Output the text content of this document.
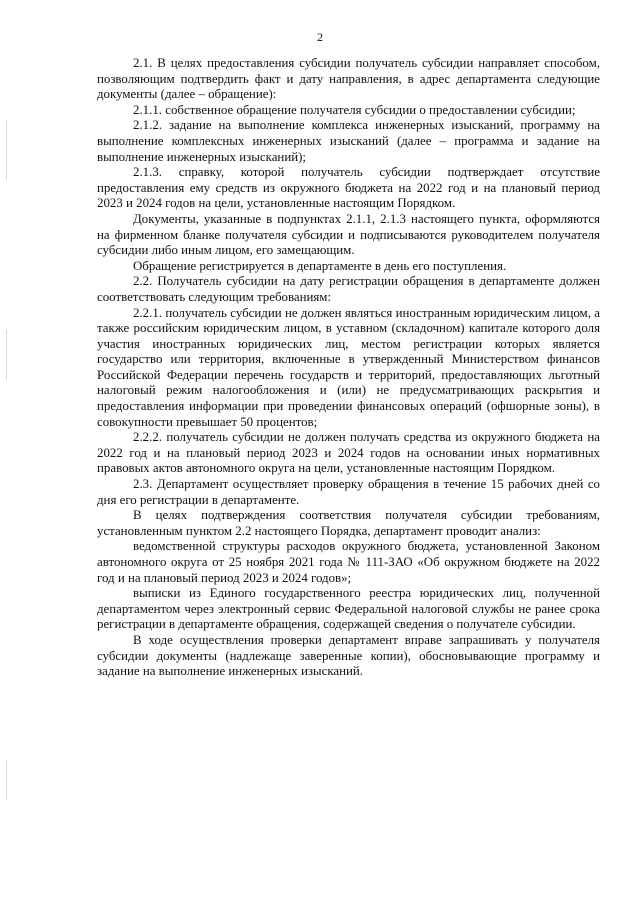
2

2.1. В целях предоставления субсидии получатель субсидии направляет способом, позволяющим подтвердить факт и дату направления, в адрес департамента следующие документы (далее – обращение):

2.1.1. собственное обращение получателя субсидии о предоставлении субсидии;

2.1.2. задание на выполнение комплекса инженерных изысканий, программу на выполнение комплексных инженерных изысканий (далее – программа и задание на выполнение инженерных изысканий);

2.1.3. справку, которой получатель субсидии подтверждает отсутствие предоставления ему средств из окружного бюджета на 2022 год и на плановый период 2023 и 2024 годов на цели, установленные настоящим Порядком.

Документы, указанные в подпунктах 2.1.1, 2.1.3 настоящего пункта, оформляются на фирменном бланке получателя субсидии и подписываются руководителем получателя субсидии либо иным лицом, его замещающим.

Обращение регистрируется в департаменте в день его поступления.

2.2. Получатель субсидии на дату регистрации обращения в департаменте должен соответствовать следующим требованиям:

2.2.1. получатель субсидии не должен являться иностранным юридическим лицом, а также российским юридическим лицом, в уставном (складочном) капитале которого доля участия иностранных юридических лиц, местом регистрации которых является государство или территория, включенные в утвержденный Министерством финансов Российской Федерации перечень государств и территорий, предоставляющих льготный налоговый режим налогообложения и (или) не предусматривающих раскрытия и предоставления информации при проведении финансовых операций (офшорные зоны), в совокупности превышает 50 процентов;

2.2.2. получатель субсидии не должен получать средства из окружного бюджета на 2022 год и на плановый период 2023 и 2024 годов на основании иных нормативных правовых актов автономного округа на цели, установленные настоящим Порядком.

2.3. Департамент осуществляет проверку обращения в течение 15 рабочих дней со дня его регистрации в департаменте.

В целях подтверждения соответствия получателя субсидии требованиям, установленным пунктом 2.2 настоящего Порядка, департамент проводит анализ:

ведомственной структуры расходов окружного бюджета, установленной Законом автономного округа от 25 ноября 2021 года № 111-ЗАО «Об окружном бюджете на 2022 год и на плановый период 2023 и 2024 годов»;

выписки из Единого государственного реестра юридических лиц, полученной департаментом через электронный сервис Федеральной налоговой службы не ранее срока регистрации в департаменте обращения, содержащей сведения о получателе субсидии.

В ходе осуществления проверки департамент вправе запрашивать у получателя субсидии документы (надлежаще заверенные копии), обосновывающие программу и задание на выполнение инженерных изысканий.
